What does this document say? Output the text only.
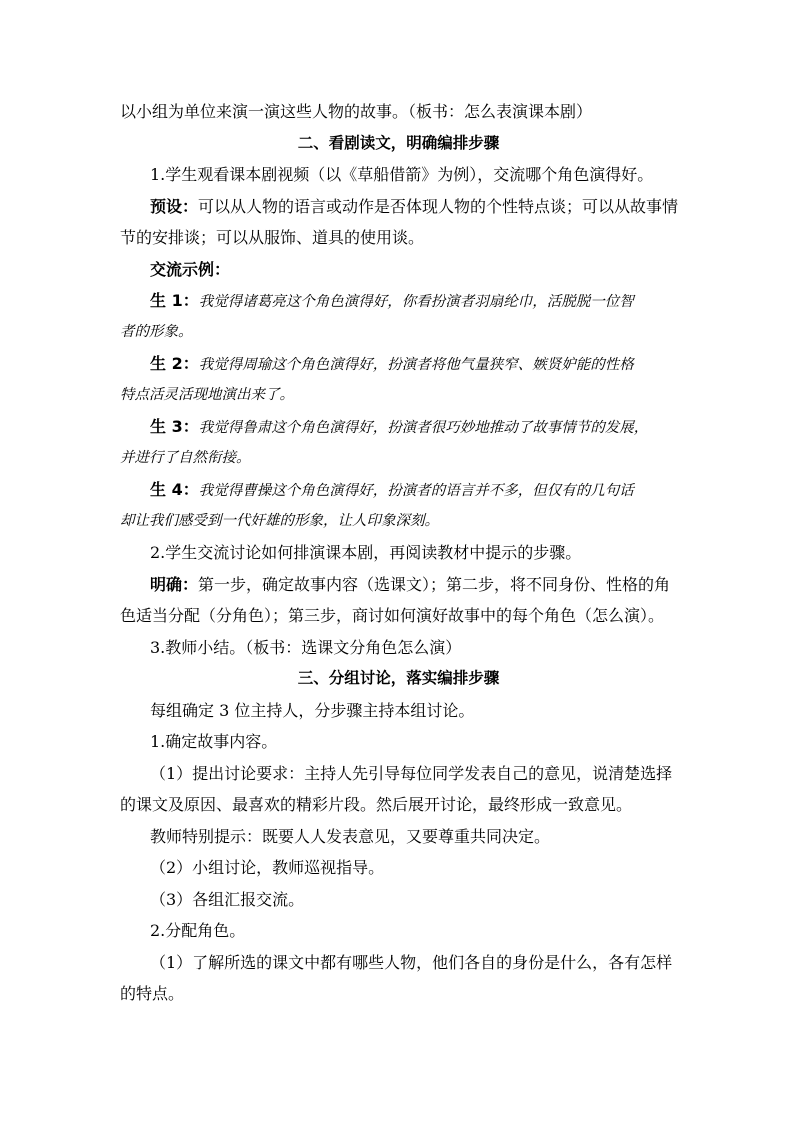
以小组为单位来演一演这些人物的故事。（板书：怎么表演课本剧）
二、看剧读文，明确编排步骤
1.学生观看课本剧视频（以《草船借箭》为例），交流哪个角色演得好。
预设：可以从人物的语言或动作是否体现人物的个性特点谈；可以从故事情
节的安排谈；可以从服饰、道具的使用谈。
交流示例：
生 1：我觉得诸葛亮这个角色演得好，你看扮演者羽扇纶巾，活脱脱一位智
者的形象。
生 2：我觉得周瑜这个角色演得好，扮演者将他气量狭窄、嫉贤妒能的性格
特点活灵活现地演出来了。
生 3：我觉得鲁肃这个角色演得好，扮演者很巧妙地推动了故事情节的发展，
并进行了自然衔接。
生 4：我觉得曹操这个角色演得好，扮演者的语言并不多，但仅有的几句话
却让我们感受到一代奸雄的形象，让人印象深刻。
2.学生交流讨论如何排演课本剧，再阅读教材中提示的步骤。
明确：第一步，确定故事内容（选课文）；第二步，将不同身份、性格的角
色适当分配（分角色）；第三步，商讨如何演好故事中的每个角色（怎么演）。
3.教师小结。（板书：选课文分角色怎么演）
三、分组讨论，落实编排步骤
每组确定 3 位主持人，分步骤主持本组讨论。
1.确定故事内容。
（1）提出讨论要求：主持人先引导每位同学发表自己的意见，说清楚选择
的课文及原因、最喜欢的精彩片段。然后展开讨论，最终形成一致意见。
教师特别提示：既要人人发表意见，又要尊重共同决定。
（2）小组讨论，教师巡视指导。
（3）各组汇报交流。
2.分配角色。
（1）了解所选的课文中都有哪些人物，他们各自的身份是什么，各有怎样
的特点。
